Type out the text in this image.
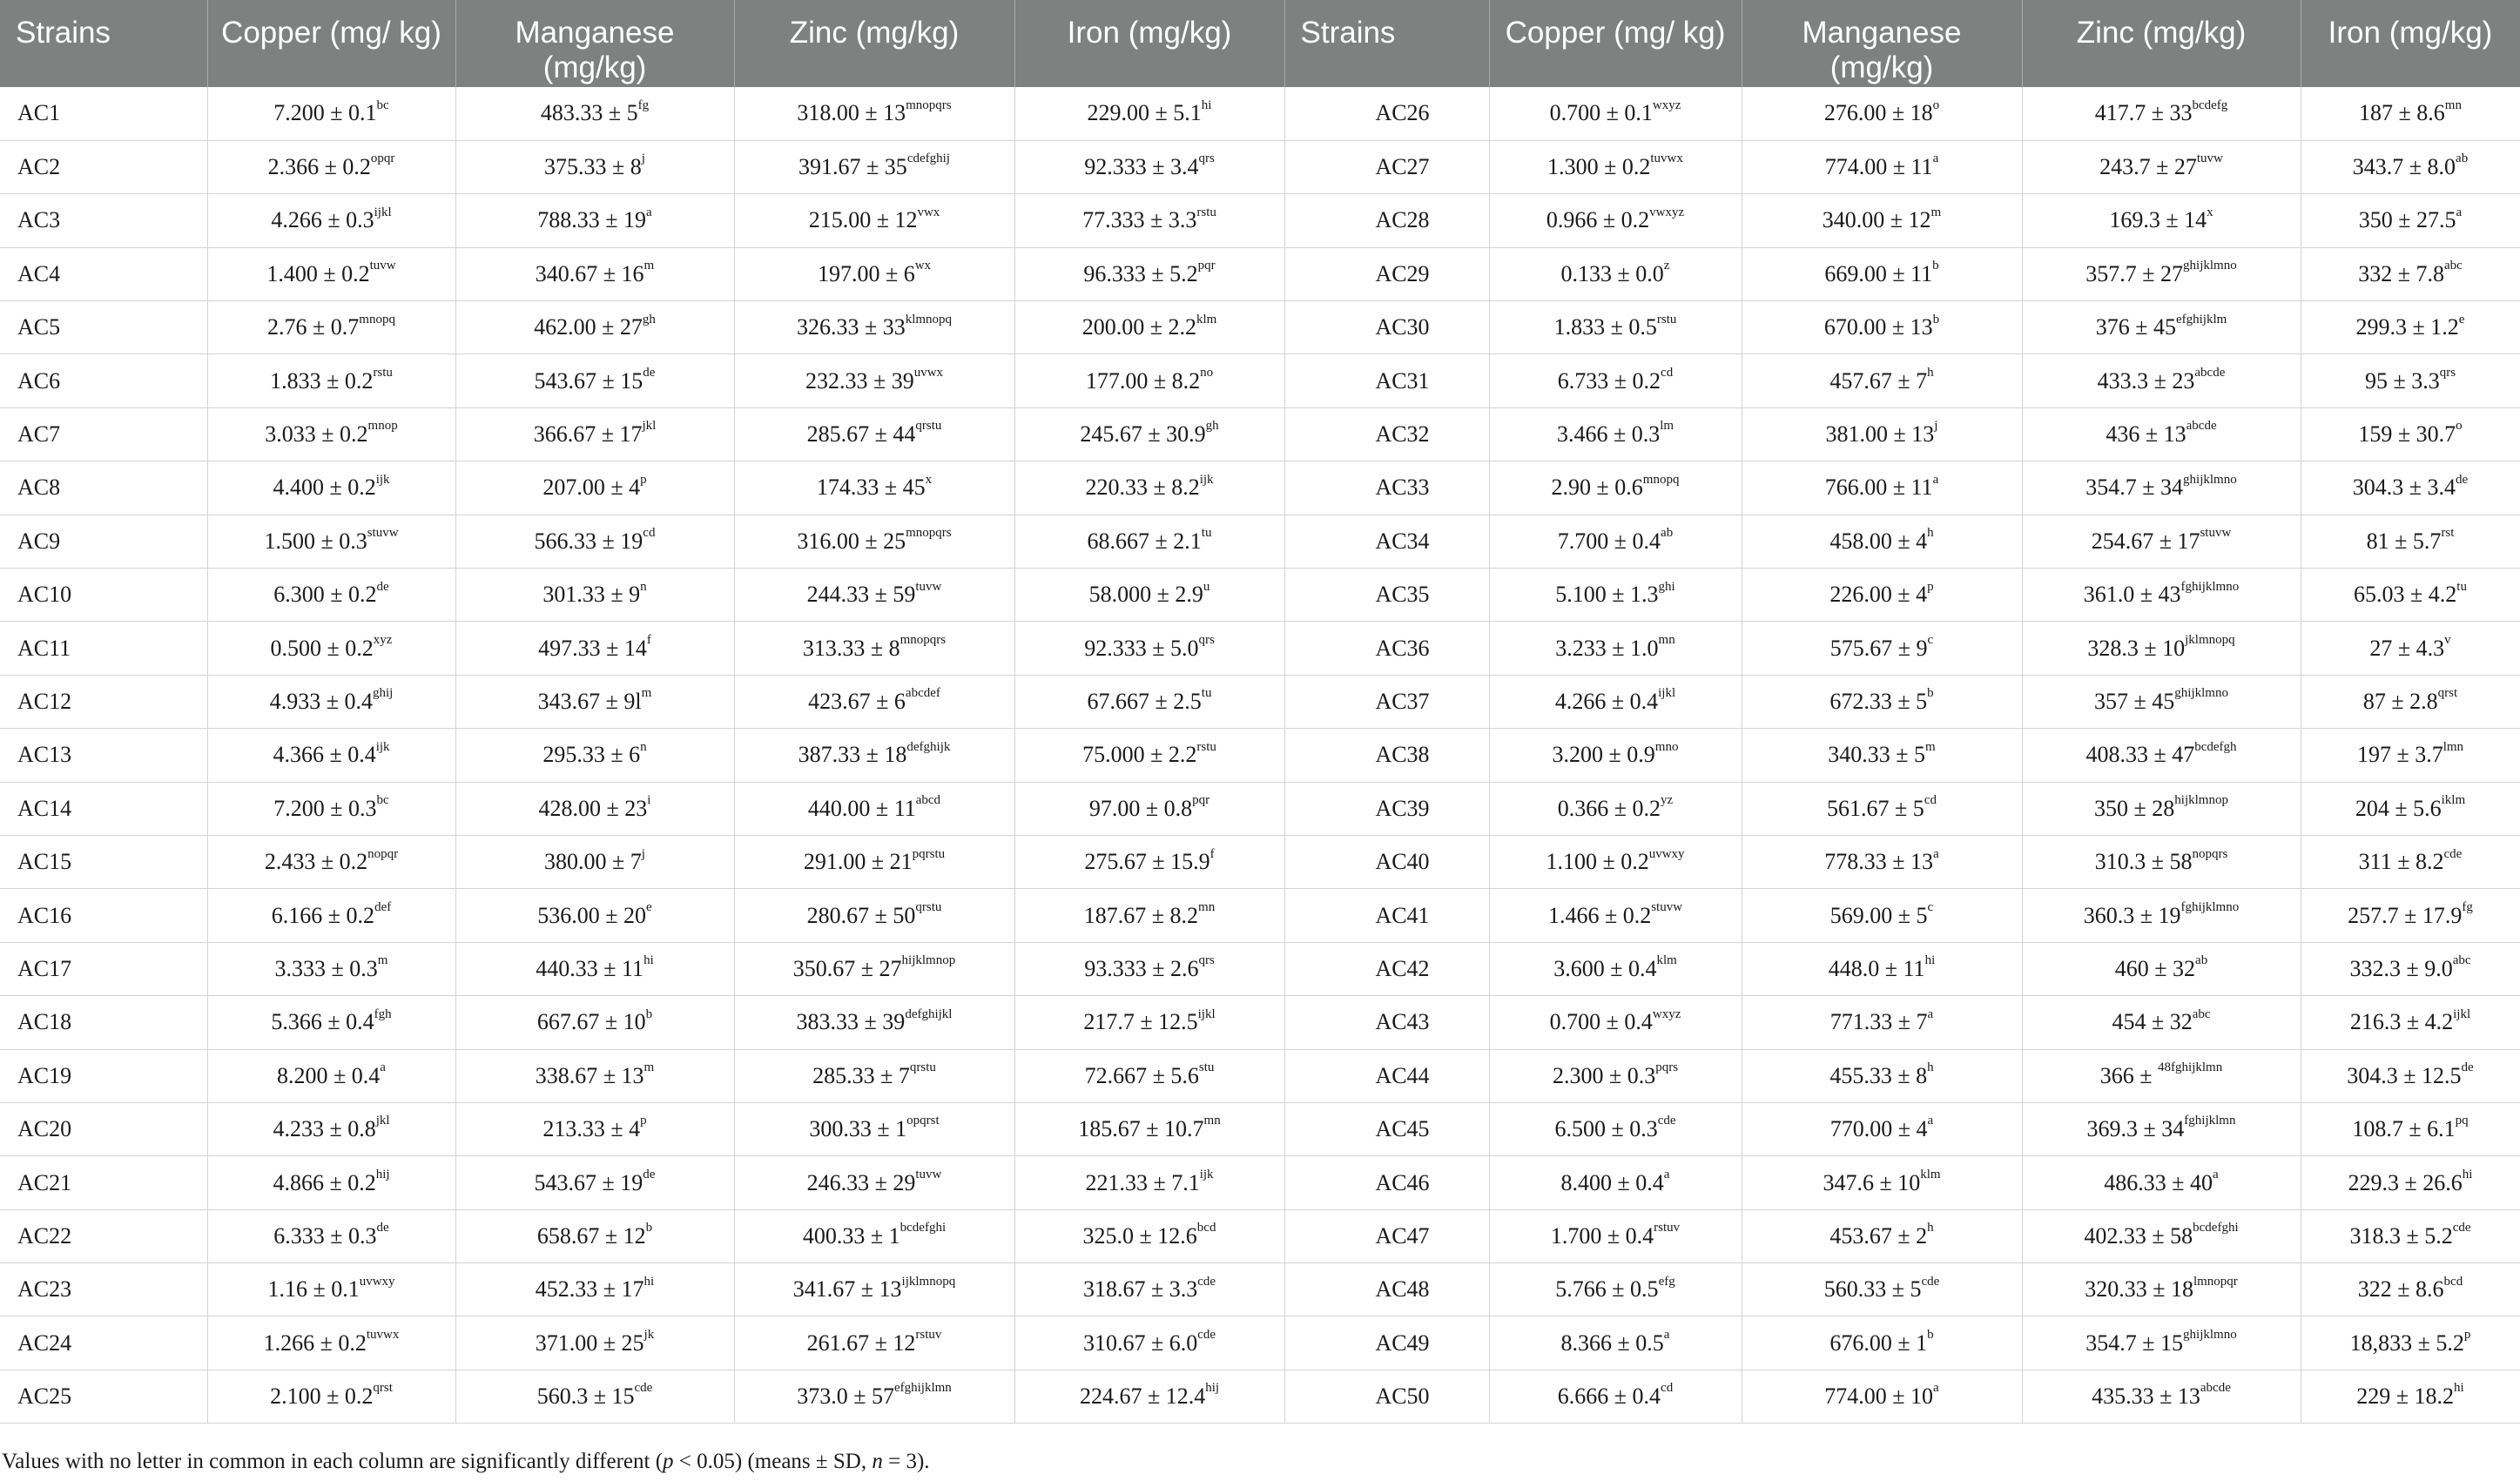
Strains	Copper (mg/ kg)	Manganese (mg/kg)	Zinc (mg/kg)	Iron (mg/kg)	Strains	Copper (mg/ kg)	Manganese (mg/kg)	Zinc (mg/kg)	Iron (mg/kg)
AC1	7.200 ± 0.1$^{bc}$	$483.33 \pm 5^{fg}$	$318.00 \pm 13^{mnopqrs}$	$229.00 \pm 5.1^{hi}$	AC26	$0.700 \pm 0.1^{wxyz}$	$276.00 \pm 18^o$	$417.7 \pm 33^{bcdefg}$	$187 \pm 8.6^{mn}$
AC2	$2.366 \pm 0.2^{opqr}$	$375.33 \pm 8^j$	$391.67 \pm 35^{cdefghij}$	$92.333 \pm 3.4^{qrs}$	AC27	$1.300 \pm 0.2^{tuvwx}$	$774.00 \pm 11^a$	$243.7 \pm 27^{tuvw}$	343.7 ± 8.0$^{ab}$
AC3	$4.266 \pm 0.3^{ijkl}$	$788.33 \pm 19^a$	$215.00 \pm 12^{vwx}$	$77.333 \pm 3.3^{rstu}$	AC28	$0.966 \pm 0.2^{vwxyz}$	$340.00 \pm 12^m$	$169.3 \pm 14^x$	350 ± 27.5$^a$
AC4	$1.400 \pm 0.2^{tuvw}$	$340.67 \pm 16^m$	$197.00 \pm 6^{wx}$	$96.333 \pm 5.2^{pqr}$	AC29	$0.133 \pm 0.0^z$	$669.00 \pm 11^b$	$357.7 \pm 27^{ghijklmno}$	332 ± 7.8$^{abc}$
AC5	$2.76 \pm 0.7^{mnopq}$	$462.00 \pm 27^{gh}$	$326.33 \pm 33^{klmnopq}$	$200.00 \pm 2.2^{klm}$	AC30	$1.833 \pm 0.5^{rstu}$	$670.00 \pm 13^b$	$376 \pm 45^{efghijklm}$	299.3 ± 1.2$^e$
AC6	$1.833 \pm 0.2^{rstu}$	543.67 ± 15de	$232.33 \pm 39^{uvwx}$	$177.00 \pm 8.2^{no}$	AC31	6.733 ± 0.2$^{cd}$	$457.67 \pm 7^h$	$433.3 \pm 23^{abcde}$	$95 \pm 3.3^{qrs}$
AC7	$3.033 \pm 0.2^{mnop}$	$366.67 \pm 17^{jkl}$	$285.67 \pm 44^{qrstu}$	245.67 ± 30.9$^{gh}$	AC32	$3.466 \pm 0.3^{lm}$	$381.00 \pm 13^j$	$436 \pm 13^{abcde}$	$159 \pm 30.7^o$
AC8	$4.400 \pm 0.2^{ijk}$	$207.00 \pm 4^p$	$174.33 \pm 45^x$	$220.33 \pm 8.2^{ijk}$	AC33	$2.90 \pm 0.6^{mnopq}$	$766.00 \pm 11^a$	$354.7 \pm 34^{ghijklmno}$	304.3 ± 3.4de
AC9	$1.500 \pm 0.3^{stuvw}$	$566.33 \pm 19^{cd}$	$316.00 \pm 25^{mnopqrs}$	$68.667 \pm 2.1^{tu}$	AC34	7.700 ± 0.4$^{ab}$	$458.00 \pm 4^h$	$254.67 \pm 17^{stuvw}$	$81 \pm 5.7^{rst}$
AC10	6.300 ± 0.2de	$301.33 \pm 9^n$	$244.33 \pm 59^{tuvw}$	$58.000 \pm 2.9^u$	AC35	$5.100 \pm 1.3^{ghi}$	$226.00 \pm 4^p$	$361.0 \pm 43^{fghijklmno}$	$65.03 \pm 4.2^{tu}$
AC11	$0.500 \pm 0.2^{xyz}$	$497.33 \pm 14^f$	$313.33 \pm 8^{mnopqrs}$	$92.333 \pm 5.0^{qrs}$	AC36	$3.233 \pm 1.0^{mn}$	$575.67 \pm 9^c$	$328.3 \pm 10^{jklmnopq}$	$27 \pm 4.3^v$
AC12	$4.933 \pm 0.4^{ghij}$	$343.67 \pm 9l^m$	$423.67 \pm 6^{abcdef}$	$67.667 \pm 2.5^{tu}$	AC37	$4.266 \pm 0.4^{ijkl}$	$672.33 \pm 5^b$	$357 \pm 45^{ghijklmno}$	$87 \pm 2.8^{qrst}$
AC13	$4.366 \pm 0.4^{ijk}$	$295.33 \pm 6^n$	$387.33 \pm 18^{defghijk}$	$75.000 \pm 2.2^{rstu}$	AC38	$3.200 \pm 0.9^{mno}$	$340.33 \pm 5^m$	$408.33 \pm 47^{bcdefgh}$	$197 \pm 3.7^{lmn}$
AC14	7.200 ± 0.3$^{bc}$	$428.00 \pm 23^i$	$440.00 \pm 11^{abcd}$	$97.00 \pm 0.8^{pqr}$	AC39	$0.366 \pm 0.2^{yz}$	$561.67 \pm 5^{cd}$	$350 \pm 28^{hijklmnop}$	$204 \pm 5.6^{iklm}$
AC15	$2.433 \pm 0.2^{nopqr}$	$380.00 \pm 7^j$	$291.00 \pm 21^{pqrstu}$	275.67 ± 15.9$^f$	AC40	$1.100 \pm 0.2^{uvwxy}$	$778.33 \pm 13^a$	$310.3 \pm 58^{nopqrs}$	311 ± 8.2$^{cde}$
AC16	6.166 ± 0.2$^{def}$	$536.00 \pm 20^e$	$280.67 \pm 50^{qrstu}$	$187.67 \pm 8.2^{mn}$	AC41	$1.466 \pm 0.2^{stuvw}$	$569.00 \pm 5^c$	$360.3 \pm 19^{fghijklmno}$	257.7 ± 17.9$^{fg}$
AC17	$3.333 \pm 0.3^m$	$440.33 \pm 11^{hi}$	$350.67 \pm 27^{hijklmnop}$	$93.333 \pm 2.6^{qrs}$	AC42	$3.600 \pm 0.4^{klm}$	$448.0 \pm 11^{hi}$	$460 \pm 32^{ab}$	332.3 ± 9.0$^{abc}$
AC18	5.366 ± 0.4$^{fgh}$	$667.67 \pm 10^b$	$383.33 \pm 39^{defghijkl}$	$217.7 \pm 12.5^{ijkl}$	AC43	$0.700 \pm 0.4^{wxyz}$	$771.33 \pm 7^a$	$454 \pm 32^{abc}$	$216.3 \pm 4.2^{ijkl}$
AC19	8.200 ± 0.4$^a$	$338.67 \pm 13^m$	$285.33 \pm 7^{qrstu}$	$72.667 \pm 5.6^{stu}$	AC44	$2.300 \pm 0.3^{pqrs}$	$455.33 \pm 8^h$	366 ± $^{48fghijklmn}$	304.3 ± 12.5de
AC20	$4.233 \pm 0.8^{jkl}$	$213.33 \pm 4^p$	$300.33 \pm 1^{opqrst}$	$185.67 \pm 10.7^{mn}$	AC45	6.500 ± 0.3$^{cde}$	$770.00 \pm 4^a$	$369.3 \pm 34^{fghijklmn}$	$108.7 \pm 6.1^{pq}$
AC21	$4.866 \pm 0.2^{hij}$	543.67 ± 19de	$246.33 \pm 29^{tuvw}$	$221.33 \pm 7.1^{ijk}$	AC46	8.400 ± 0.4$^a$	$347.6 \pm 10^{klm}$	$486.33 \pm 40^a$	$229.3 \pm 26.6^{hi}$
AC22	6.333 ± 0.3de	$658.67 \pm 12^b$	$400.33 \pm 1^{bcdefghi}$	325.0 ± 12.6$^{bcd}$	AC47	$1.700 \pm 0.4^{rstuv}$	$453.67 \pm 2^h$	$402.33 \pm 58^{bcdefghi}$	318.3 ± 5.2$^{cde}$
AC23	$1.16 \pm 0.1^{uvwxy}$	$452.33 \pm 17^{hi}$	$341.67 \pm 13^{ijklmnopq}$	318.67 ± 3.3$^{cde}$	AC48	5.766 ± 0.5$^{efg}$	$560.33 \pm 5^{cde}$	$320.33 \pm 18^{lmnopqr}$	322 ± 8.6$^{bcd}$
AC24	$1.266 \pm 0.2^{tuvwx}$	$371.00 \pm 25^{jk}$	$261.67 \pm 12^{rstuv}$	310.67 ± 6.0$^{cde}$	AC49	8.366 ± 0.5$^a$	$676.00 \pm 1^b$	$354.7 \pm 15^{ghijklmno}$	$18,833 \pm 5.2^p$
AC25	$2.100 \pm 0.2^{qrst}$	$560.3 \pm 15^{cde}$	$373.0 \pm 57^{efghijklmn}$	$224.67 \pm 12.4^{hij}$	AC50	6.666 ± 0.4$^{cd}$	$774.00 \pm 10^a$	$435.33 \pm 13^{abcde}$	$229 \pm 18.2^{hi}$
Values with no letter in common in each column are significantly different (p < 0.05) (means ± SD, n = 3).
